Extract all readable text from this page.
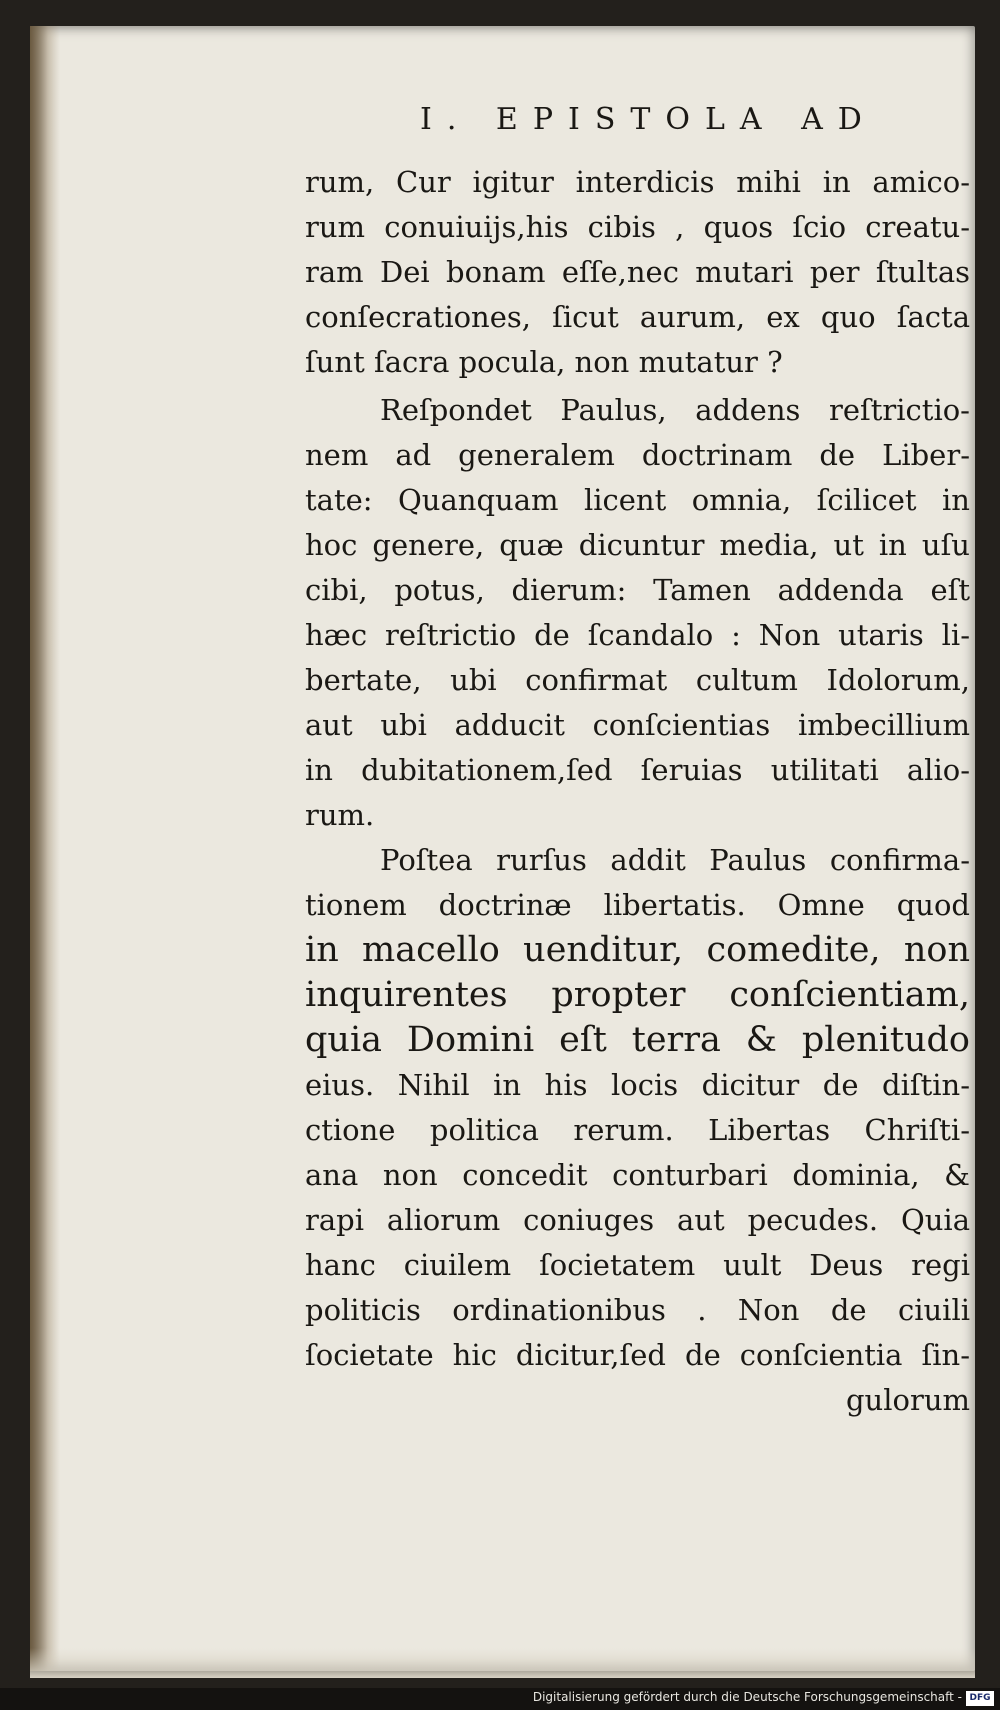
I. EPISTOLA AD
rum, Cur igitur interdicis mihi in amico-
rum conuiuijs,his cibis , quos ſcio creatu-
ram Dei bonam eſſe,nec mutari per ſtultas
conſecrationes, ſicut aurum, ex quo ſacta
ſunt ſacra pocula, non mutatur ?
Reſpondet Paulus, addens reſtrictio-
nem ad generalem doctrinam de Liber-
tate: Quanquam licent omnia, ſcilicet in
hoc genere, quæ dicuntur media, ut in uſu
cibi, potus, dierum: Tamen addenda eſt
hæc reſtrictio de ſcandalo : Non utaris li-
bertate, ubi confirmat cultum Idolorum,
aut ubi adducit conſcientias imbecillium
in dubitationem,ſed ſeruias utilitati alio-
rum.
Poſtea rurſus addit Paulus confirma-
tionem doctrinæ libertatis. Omne quod
in macello uenditur, comedite, non
inquirentes propter conſcientiam,
quia Domini eſt terra & plenitudo
eius. Nihil in his locis dicitur de diſtin-
ctione politica rerum. Libertas Chriſti-
ana non concedit conturbari dominia, &
rapi aliorum coniuges aut pecudes. Quia
hanc ciuilem ſocietatem uult Deus regi
politicis ordinationibus . Non de ciuili
ſocietate hic dicitur,ſed de conſcientia ſin-
gulorum
Digitalisierung gefördert durch die Deutsche Forschungsgemeinschaft - DFG
